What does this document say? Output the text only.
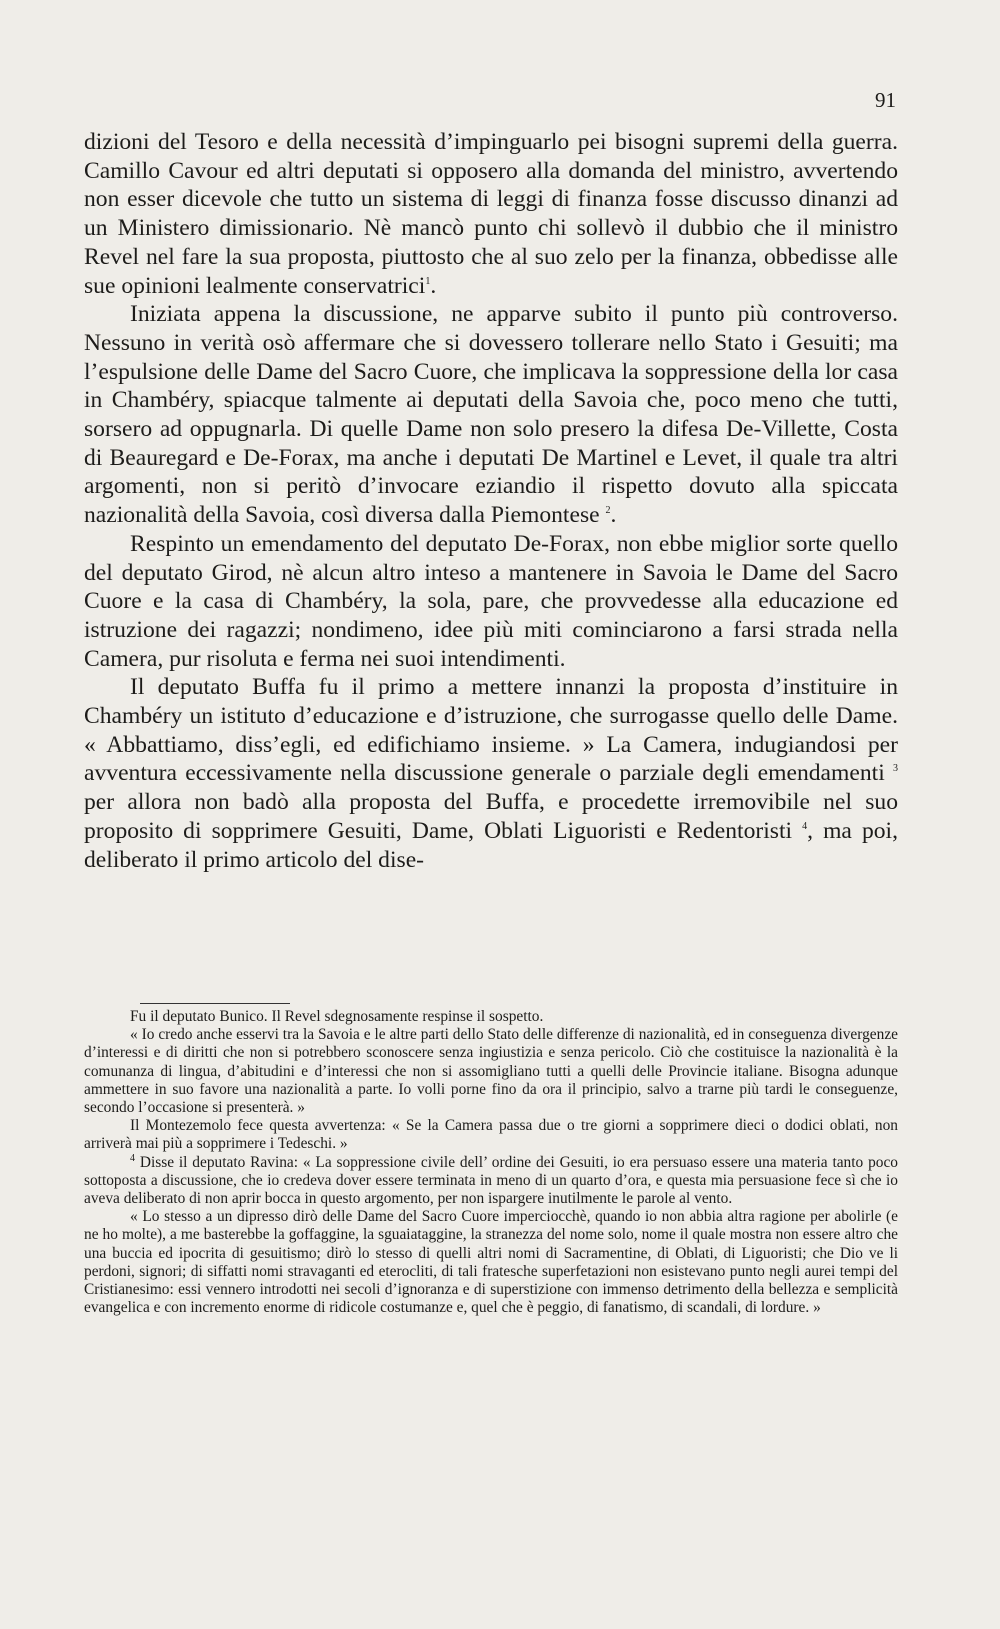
91

dizioni del Tesoro e della necessità d’impinguarlo pei bisogni supremi della guerra. Camillo Cavour ed altri deputati si opposero alla domanda del ministro, avvertendo non esser dicevole che tutto un sistema di leggi di finanza fosse discusso dinanzi ad un Ministero dimissionario. Nè mancò punto chi sollevò il dubbio che il ministro Revel nel fare la sua proposta, piuttosto che al suo zelo per la finanza, obbedisse alle sue opinioni lealmente conservatrici$^1$.

Iniziata appena la discussione, ne apparve subito il punto più controverso. Nessuno in verità osò affermare che si dovessero tollerare nello Stato i Gesuiti; ma l’espulsione delle Dame del Sacro Cuore, che implicava la soppressione della lor casa in Chambéry, spiacque talmente ai deputati della Savoia che, poco meno che tutti, sorsero ad oppugnarla. Di quelle Dame non solo presero la difesa De-Villette, Costa di Beauregard e De-Forax, ma anche i deputati De Martinel e Levet, il quale tra altri argomenti, non si peritò d’invocare eziandio il rispetto dovuto alla spiccata nazionalità della Savoia, così diversa dalla Piemontese $^2$.

Respinto un emendamento del deputato De-Forax, non ebbe miglior sorte quello del deputato Girod, nè alcun altro inteso a mantenere in Savoia le Dame del Sacro Cuore e la casa di Chambéry, la sola, pare, che provvedesse alla educazione ed istruzione dei ragazzi; nondimeno, idee più miti cominciarono a farsi strada nella Camera, pur risoluta e ferma nei suoi intendimenti.

Il deputato Buffa fu il primo a mettere innanzi la proposta d’instituire in Chambéry un istituto d’educazione e d’istruzione, che surrogasse quello delle Dame. « Abbattiamo, diss’egli, ed edifichiamo insieme. » La Camera, indugiandosi per avventura eccessivamente nella discussione generale o parziale degli emendamenti $^3$ per allora non badò alla proposta del Buffa, e procedette irremovibile nel suo proposito di sopprimere Gesuiti, Dame, Oblati Liguoristi e Redentoristi $^4$, ma poi, deliberato il primo articolo del dise-

Fu il deputato Bunico. Il Revel sdegnosamente respinse il sospetto.

« Io credo anche esservi tra la Savoia e le altre parti dello Stato delle differenze di nazionalità, ed in conseguenza divergenze d’interessi e di diritti che non si potrebbero sconoscere senza ingiustizia e senza pericolo. Ciò che costituisce la nazionalità è la comunanza di lingua, d’abitudini e d’interessi che non si assomigliano tutti a quelli delle Provincie italiane. Bisogna adunque ammettere in suo favore una nazionalità a parte. Io volli porne fino da ora il principio, salvo a trarne più tardi le conseguenze, secondo l’occasione si presenterà. »

Il Montezemolo fece questa avvertenza: « Se la Camera passa due o tre giorni a sopprimere dieci o dodici oblati, non arriverà mai più a sopprimere i Tedeschi. »

$^4$ Disse il deputato Ravina: « La soppressione civile dell’ ordine dei Gesuiti, io era persuaso essere una materia tanto poco sottoposta a discussione, che io credeva dover essere terminata in meno di un quarto d’ora, e questa mia persuasione fece sì che io aveva deliberato di non aprir bocca in questo argomento, per non ispargere inutilmente le parole al vento.

« Lo stesso a un dipresso dirò delle Dame del Sacro Cuore imperciocchè, quando io non abbia altra ragione per abolirle (e ne ho molte), a me basterebbe la goffaggine, la sguaiataggine, la stranezza del nome solo, nome il quale mostra non essere altro che una buccia ed ipocrita di gesuitismo; dirò lo stesso di quelli altri nomi di Sacramentine, di Oblati, di Liguoristi; che Dio ve li perdoni, signori; di siffatti nomi stravaganti ed eterocliti, di tali fratesche superfetazioni non esistevano punto negli aurei tempi del Cristianesimo: essi vennero introdotti nei secoli d’ignoranza e di superstizione con immenso detrimento della bellezza e semplicità evangelica e con incremento enorme di ridicole costumanze e, quel che è peggio, di fanatismo, di scandali, di lordure. »
